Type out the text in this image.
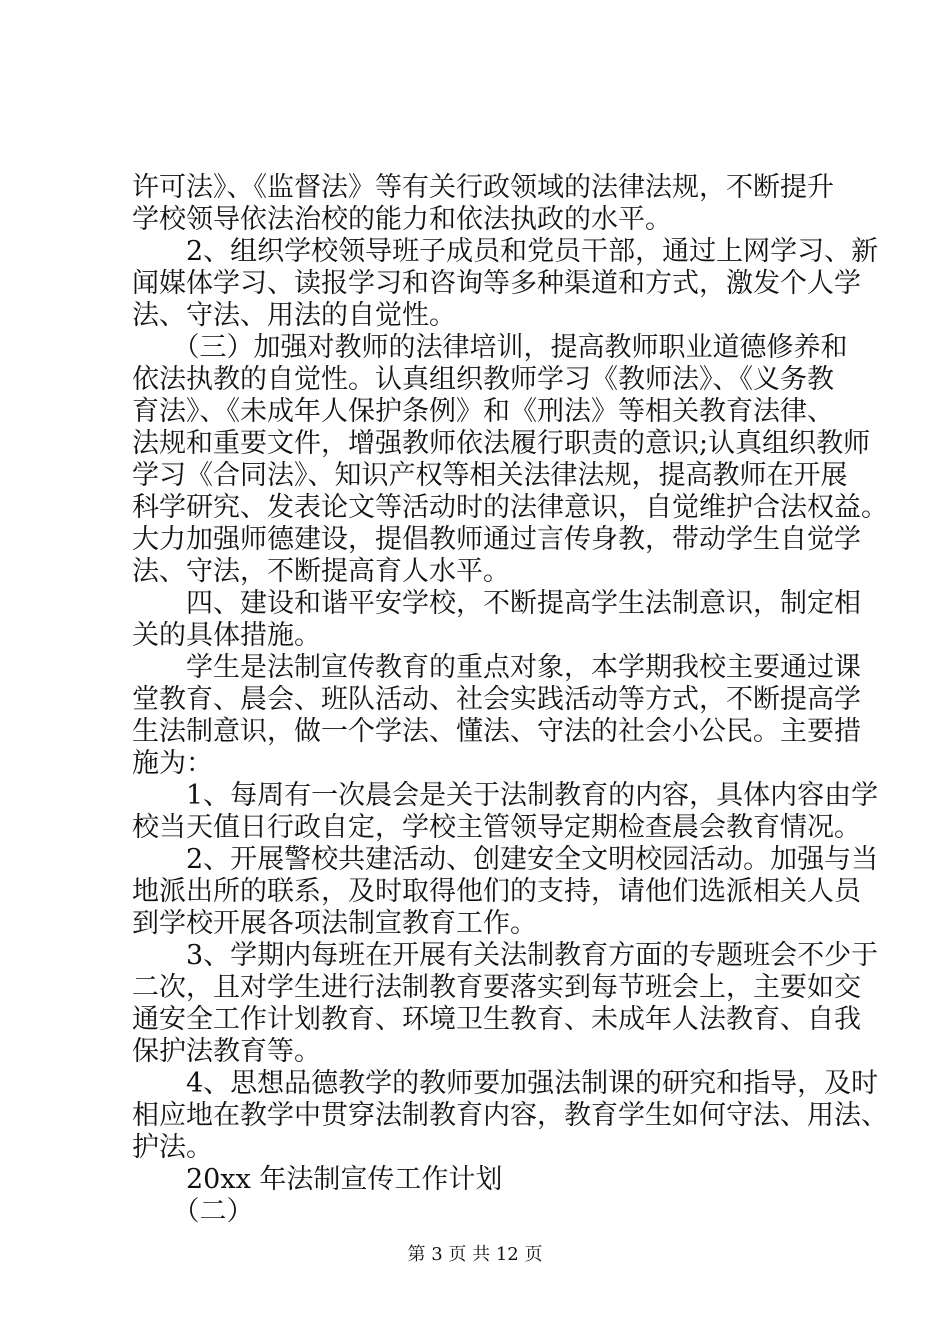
许可法》、《监督法》等有关行政领域的法律法规，不断提升
学校领导依法治校的能力和依法执政的水平。
　　2、组织学校领导班子成员和党员干部，通过上网学习、新
闻媒体学习、读报学习和咨询等多种渠道和方式，激发个人学
法、守法、用法的自觉性。
　　（三）加强对教师的法律培训，提高教师职业道德修养和
依法执教的自觉性。认真组织教师学习《教师法》、《义务教
育法》、《未成年人保护条例》和《刑法》等相关教育法律、
法规和重要文件，增强教师依法履行职责的意识;认真组织教师
学习《合同法》、知识产权等相关法律法规，提高教师在开展
科学研究、发表论文等活动时的法律意识，自觉维护合法权益。
大力加强师德建设，提倡教师通过言传身教，带动学生自觉学
法、守法，不断提高育人水平。
　　四、建设和谐平安学校，不断提高学生法制意识，制定相
关的具体措施。
　　学生是法制宣传教育的重点对象，本学期我校主要通过课
堂教育、晨会、班队活动、社会实践活动等方式，不断提高学
生法制意识，做一个学法、懂法、守法的社会小公民。主要措
施为：
　　1、每周有一次晨会是关于法制教育的内容，具体内容由学
校当天值日行政自定，学校主管领导定期检查晨会教育情况。
　　2、开展警校共建活动、创建安全文明校园活动。加强与当
地派出所的联系，及时取得他们的支持，请他们选派相关人员
到学校开展各项法制宣教育工作。
　　3、学期内每班在开展有关法制教育方面的专题班会不少于
二次，且对学生进行法制教育要落实到每节班会上，主要如交
通安全工作计划教育、环境卫生教育、未成年人法教育、自我
保护法教育等。
　　4、思想品德教学的教师要加强法制课的研究和指导，及时
相应地在教学中贯穿法制教育内容，教育学生如何守法、用法、
护法。
　　20xx 年法制宣传工作计划
　　（二）
第 3 页 共 12 页
